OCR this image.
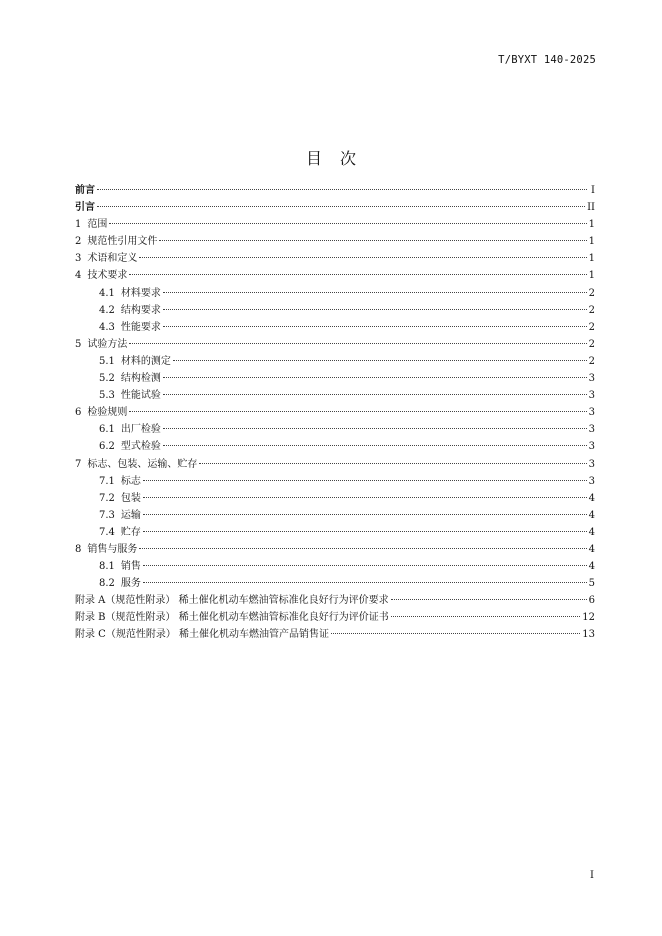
T/BYXT 140-2025
目次
前言	I
引言	II
1 范围	1
2 规范性引用文件	1
3 术语和定义	1
4 技术要求	1
4.1 材料要求	2
4.2 结构要求	2
4.3 性能要求	2
5 试验方法	2
5.1 材料的测定	2
5.2 结构检测	3
5.3 性能试验	3
6 检验规则	3
6.1 出厂检验	3
6.2 型式检验	3
7 标志、包装、运输、贮存	3
7.1 标志	3
7.2 包装	4
7.3 运输	4
7.4 贮存	4
8 销售与服务	4
8.1 销售	4
8.2 服务	5
附录 A（规范性附录） 稀土催化机动车燃油管标准化良好行为评价要求	6
附录 B（规范性附录） 稀土催化机动车燃油管标准化良好行为评价证书	12
附录 C（规范性附录） 稀土催化机动车燃油管产品销售证	13
I
